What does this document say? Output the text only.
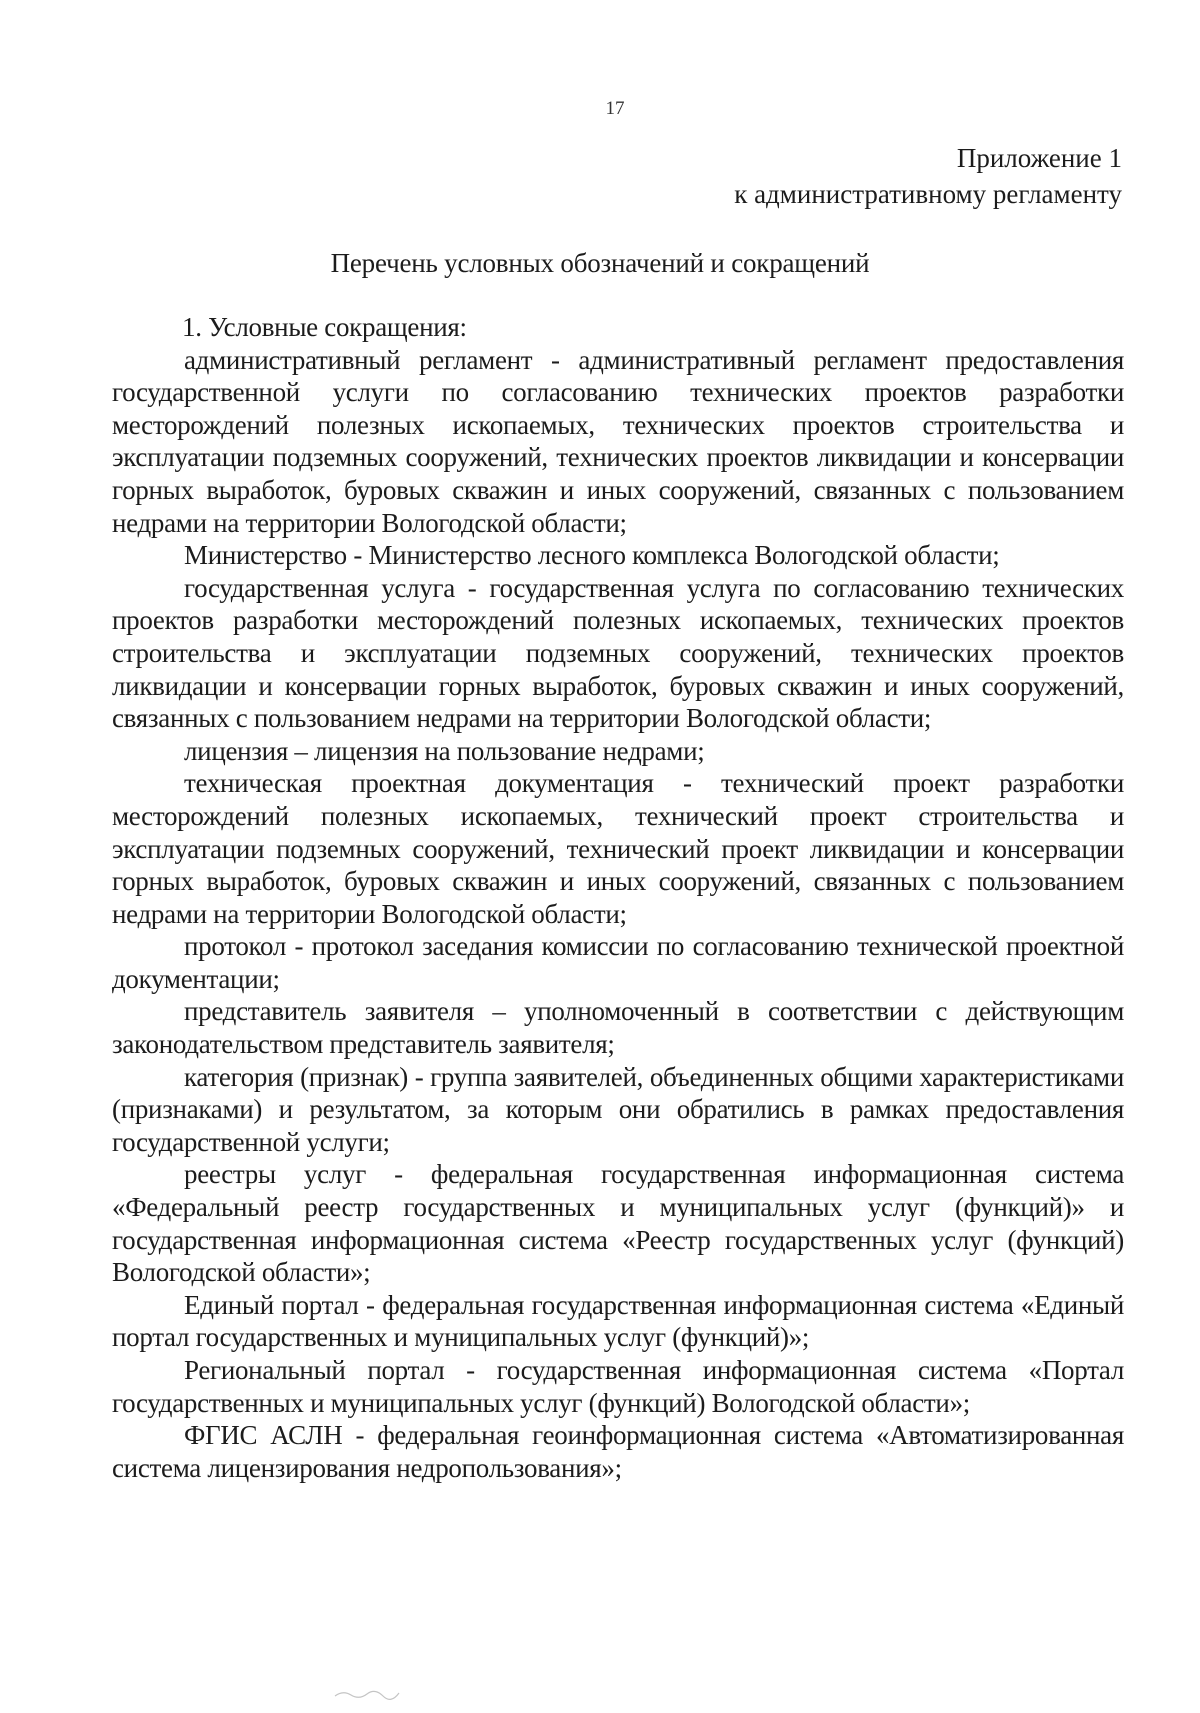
17
Приложение 1
к административному регламенту
Перечень условных обозначений и сокращений

1. Условные сокращения:

административный регламент - административный регламент предоставления государственной услуги по согласованию технических проектов разработки месторождений полезных ископаемых, технических проектов строительства и эксплуатации подземных сооружений, технических проектов ликвидации и консервации горных выработок, буровых скважин и иных сооружений, связанных с пользованием недрами на территории Вологодской области;

Министерство - Министерство лесного комплекса Вологодской области;

государственная услуга - государственная услуга по согласованию технических проектов разработки месторождений полезных ископаемых, технических проектов строительства и эксплуатации подземных сооружений, технических проектов ликвидации и консервации горных выработок, буровых скважин и иных сооружений, связанных с пользованием недрами на территории Вологодской области;

лицензия – лицензия на пользование недрами;

техническая проектная документация - технический проект разработки месторождений полезных ископаемых, технический проект строительства и эксплуатации подземных сооружений, технический проект ликвидации и консервации горных выработок, буровых скважин и иных сооружений, связанных с пользованием недрами на территории Вологодской области;

протокол - протокол заседания комиссии по согласованию технической проектной документации;

представитель заявителя – уполномоченный в соответствии с действующим законодательством представитель заявителя;

категория (признак) - группа заявителей, объединенных общими характеристиками (признаками) и результатом, за которым они обратились в рамках предоставления государственной услуги;

реестры услуг - федеральная государственная информационная система «Федеральный реестр государственных и муниципальных услуг (функций)» и государственная информационная система «Реестр государственных услуг (функций) Вологодской области»;

Единый портал - федеральная государственная информационная система «Единый портал государственных и муниципальных услуг (функций)»;

Региональный портал - государственная информационная система «Портал государственных и муниципальных услуг (функций) Вологодской области»;

ФГИС АСЛН - федеральная геоинформационная система «Автоматизированная система лицензирования недропользования»;
